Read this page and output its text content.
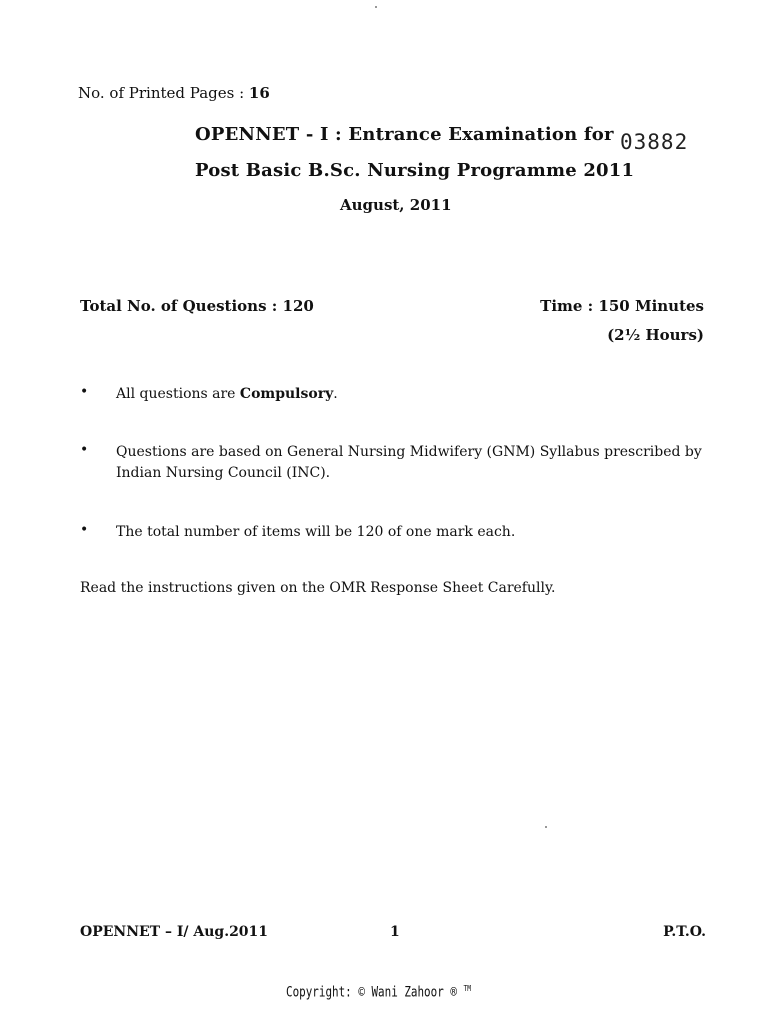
No. of Printed Pages : 16
OPENNET - I : Entrance Examination for 03882
Post Basic B.Sc. Nursing Programme 2011
August, 2011
Total No. of Questions : 120	Time : 150 Minutes
(2½ Hours)
• All questions are Compulsory.
• Questions are based on General Nursing Midwifery (GNM) Syllabus prescribed by Indian Nursing Council (INC).
• The total number of items will be 120 of one mark each.
Read the instructions given on the OMR Response Sheet Carefully.
OPENNET – I/ Aug.2011	1	P.T.O.
Copyright: © Wani Zahoor ® ™
